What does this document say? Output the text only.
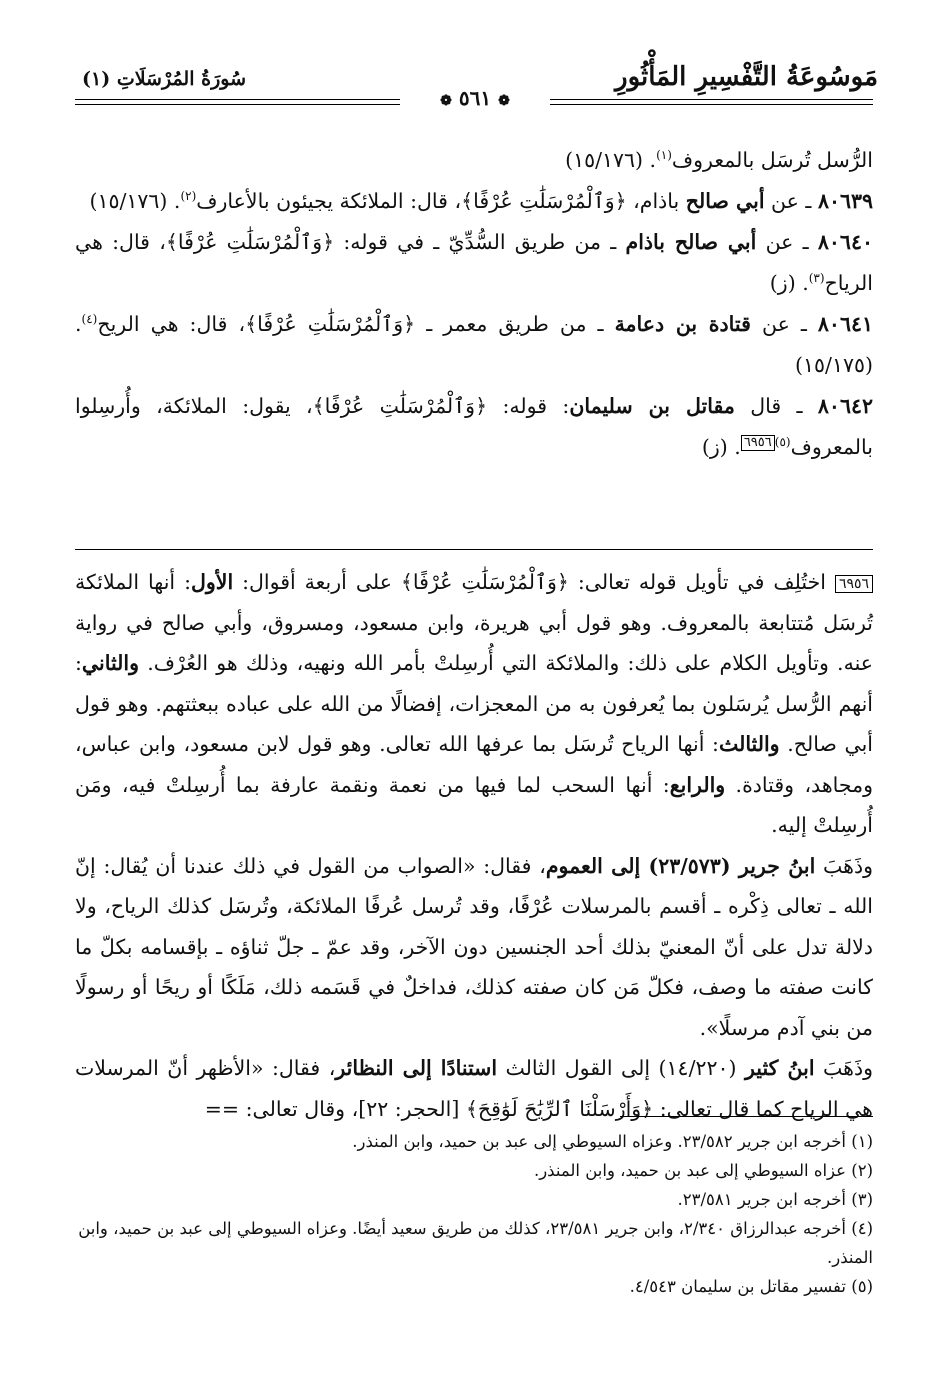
مَوسُوعَةُ التَّفْسِيرِ المَأْثُورِ
سُورَةُ المُرْسَلَاتِ (١)
❁ ٥٦١ ❁

الرُّسل تُرسَل بالمعروف$^{(١)}$. (١٥/١٧٦)

٨٠٦٣٩ ـ عن أبي صالح باذام، ﴿وَٱلْمُرْسَلَٰتِ عُرْفًا﴾، قال: الملائكة يجيئون بالأعارف$^{(٢)}$. (١٥/١٧٦)

٨٠٦٤٠ ـ عن أبي صالح باذام ـ من طريق السُّدِّيّ ـ في قوله: ﴿وَٱلْمُرْسَلَٰتِ عُرْفًا﴾، قال: هي الرياح$^{(٣)}$. (ز)

٨٠٦٤١ ـ عن قتادة بن دعامة ـ من طريق معمر ـ ﴿وَٱلْمُرْسَلَٰتِ عُرْفًا﴾، قال: هي الريح$^{(٤)}$. (١٥/١٧٥)

٨٠٦٤٢ ـ قال مقاتل بن سليمان: قوله: ﴿وَٱلْمُرْسَلَٰتِ عُرْفًا﴾، يقول: الملائكة، وأُرسِلوا بالمعروف$^{(٥)}$٦٩٥٦. (ز)

٦٩٥٦ اختُلِف في تأويل قوله تعالى: ﴿وَٱلْمُرْسَلَٰتِ عُرْفًا﴾ على أربعة أقوال: الأول: أنها الملائكة تُرسَل مُتتابعة بالمعروف. وهو قول أبي هريرة، وابن مسعود، ومسروق، وأبي صالح في رواية عنه. وتأويل الكلام على ذلك: والملائكة التي أُرسِلتْ بأمر الله ونهيه، وذلك هو العُرْف. والثاني: أنهم الرُّسل يُرسَلون بما يُعرفون به من المعجزات، إفضالًا من الله على عباده ببعثتهم. وهو قول أبي صالح. والثالث: أنها الرياح تُرسَل بما عرفها الله تعالى. وهو قول لابن مسعود، وابن عباس، ومجاهد، وقتادة. والرابع: أنها السحب لما فيها من نعمة ونقمة عارفة بما أُرسِلتْ فيه، ومَن أُرسِلتْ إليه.

وذَهَبَ ابنُ جرير (٢٣/٥٧٣) إلى العموم، فقال: «الصواب من القول في ذلك عندنا أن يُقال: إنّ الله ـ تعالى ذِكْره ـ أقسم بالمرسلات عُرْفًا، وقد تُرسل عُرفًا الملائكة، وتُرسَل كذلك الرياح، ولا دلالة تدل على أنّ المعنيّ بذلك أحد الجنسين دون الآخر، وقد عمّ ـ جلّ ثناؤه ـ بإقسامه بكلّ ما كانت صفته ما وصف، فكلّ مَن كان صفته كذلك، فداخلٌ في قَسَمه ذلك، مَلَكًا أو ريحًا أو رسولًا من بني آدم مرسلًا».

وذَهَبَ ابنُ كثير (١٤/٢٢٠) إلى القول الثالث استنادًا إلى النظائر، فقال: «الأظهر أنّ المرسلات هي الرياح كما قال تعالى: ﴿وَأَرْسَلْنَا ٱلرِّيَٰحَ لَوَٰقِحَ﴾ [الحجر: ٢٢]، وقال تعالى: ==

(١) أخرجه ابن جرير ٢٣/٥٨٢. وعزاه السيوطي إلى عبد بن حميد، وابن المنذر.

(٢) عزاه السيوطي إلى عبد بن حميد، وابن المنذر.

(٣) أخرجه ابن جرير ٢٣/٥٨١.

(٤) أخرجه عبدالرزاق ٢/٣٤٠، وابن جرير ٢٣/٥٨١، كذلك من طريق سعيد أيضًا. وعزاه السيوطي إلى عبد بن حميد، وابن المنذر.

(٥) تفسير مقاتل بن سليمان ٤/٥٤٣.
